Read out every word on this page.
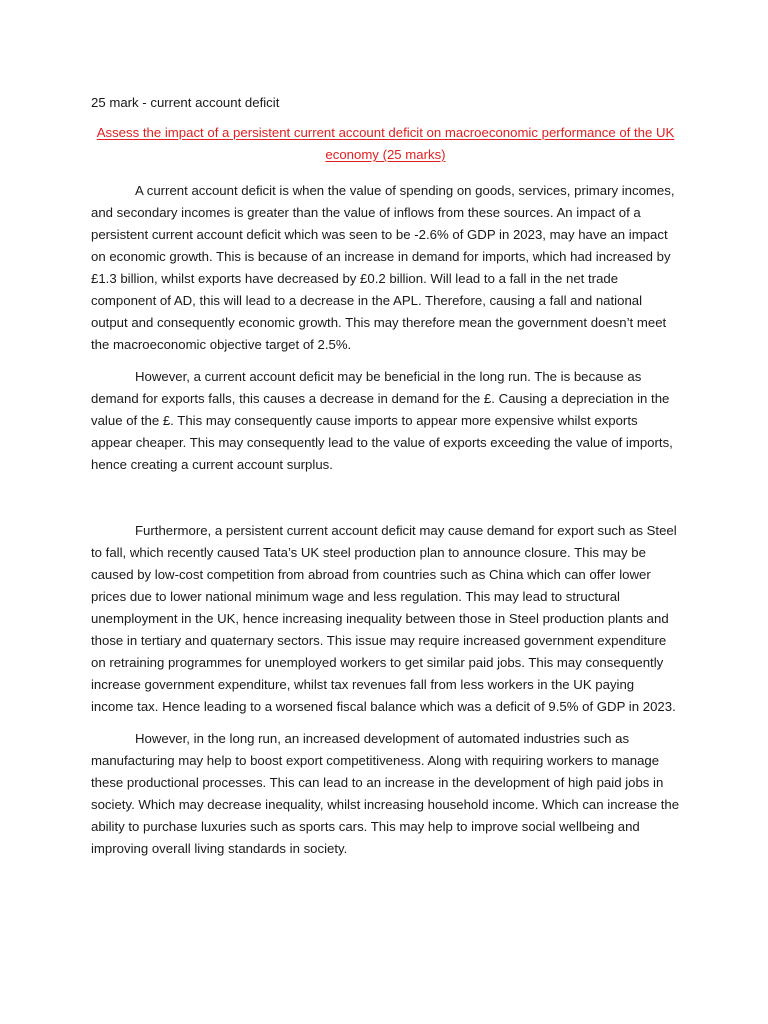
25 mark - current account deficit

Assess the impact of a persistent current account deficit on macroeconomic performance of the UK economy (25 marks)

A current account deficit is when the value of spending on goods, services, primary incomes, and secondary incomes is greater than the value of inflows from these sources. An impact of a persistent current account deficit which was seen to be -2.6% of GDP in 2023, may have an impact on economic growth. This is because of an increase in demand for imports, which had increased by £1.3 billion, whilst exports have decreased by £0.2 billion. Will lead to a fall in the net trade component of AD, this will lead to a decrease in the APL. Therefore, causing a fall and national output and consequently economic growth. This may therefore mean the government doesn’t meet the macroeconomic objective target of 2.5%.

However, a current account deficit may be beneficial in the long run. The is because as demand for exports falls, this causes a decrease in demand for the £. Causing a depreciation in the value of the £. This may consequently cause imports to appear more expensive whilst exports appear cheaper. This may consequently lead to the value of exports exceeding the value of imports, hence creating a current account surplus.

Furthermore, a persistent current account deficit may cause demand for export such as Steel to fall, which recently caused Tata’s UK steel production plan to announce closure. This may be caused by low-cost competition from abroad from countries such as China which can offer lower prices due to lower national minimum wage and less regulation. This may lead to structural unemployment in the UK, hence increasing inequality between those in Steel production plants and those in tertiary and quaternary sectors. This issue may require increased government expenditure on retraining programmes for unemployed workers to get similar paid jobs. This may consequently increase government expenditure, whilst tax revenues fall from less workers in the UK paying income tax. Hence leading to a worsened fiscal balance which was a deficit of 9.5% of GDP in 2023.

However, in the long run, an increased development of automated industries such as manufacturing may help to boost export competitiveness. Along with requiring workers to manage these productional processes. This can lead to an increase in the development of high paid jobs in society. Which may decrease inequality, whilst increasing household income. Which can increase the ability to purchase luxuries such as sports cars. This may help to improve social wellbeing and improving overall living standards in society.
